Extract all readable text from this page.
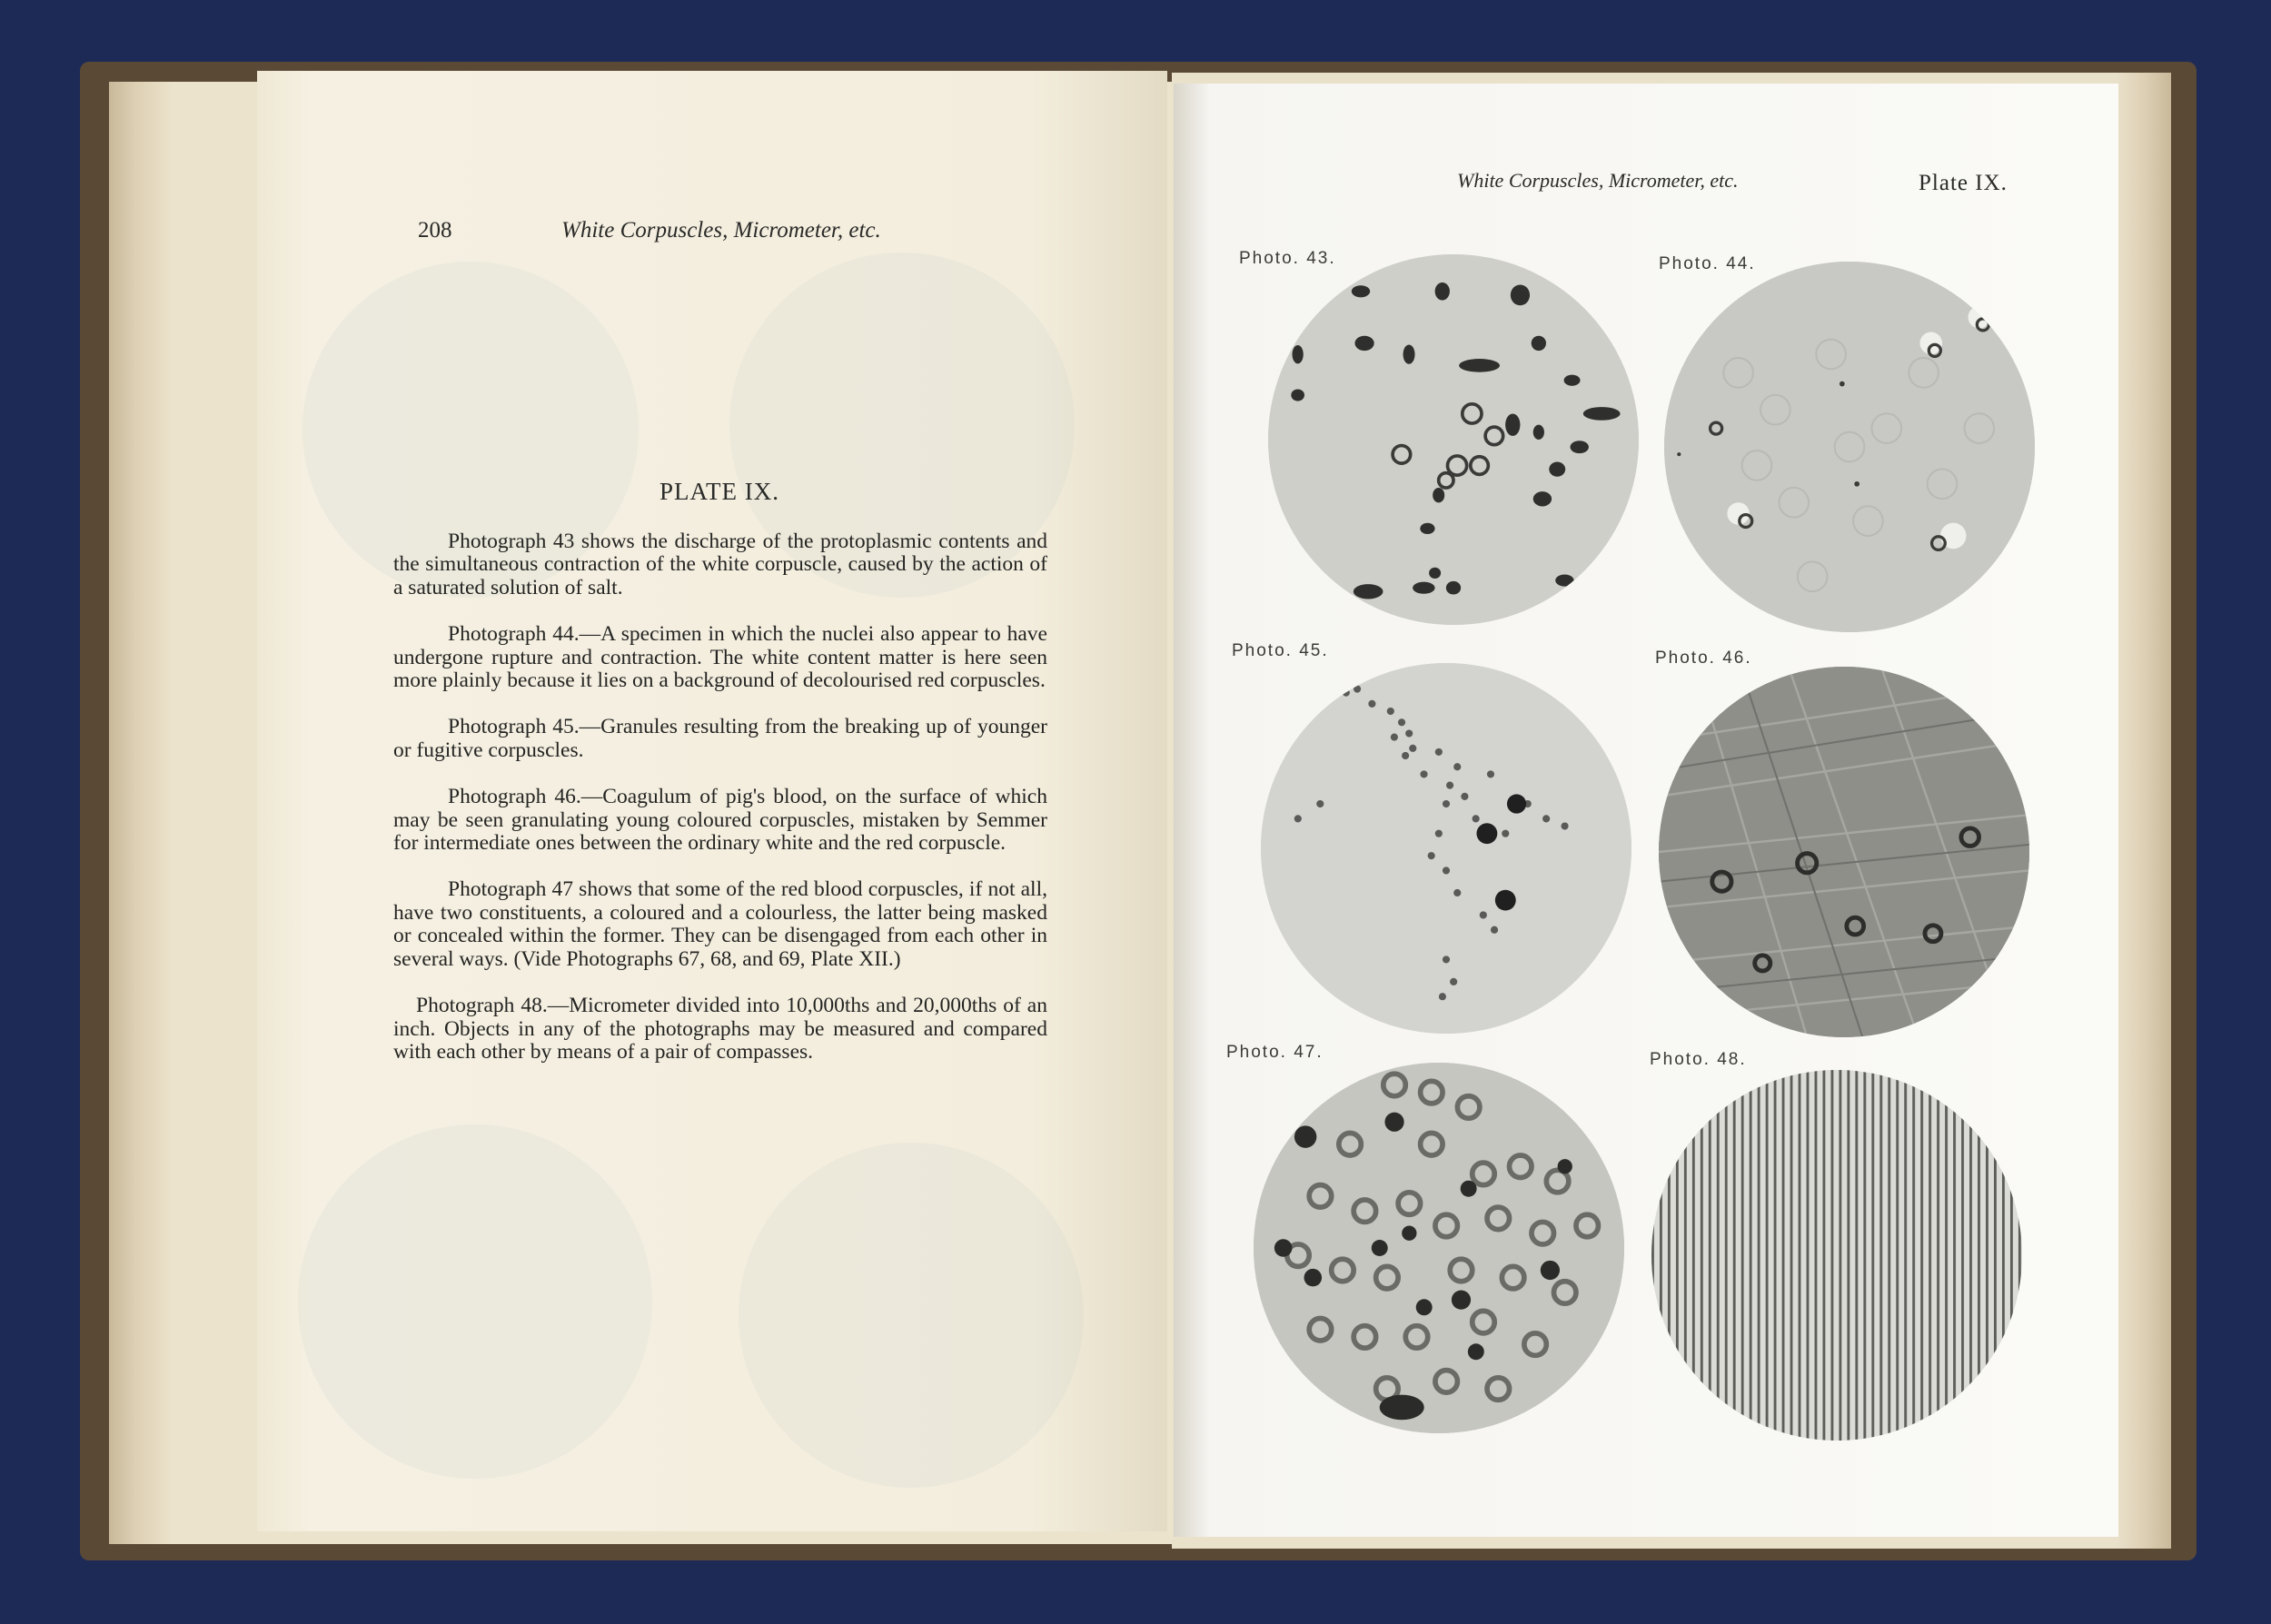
208	White Corpuscles, Micrometer, etc.
PLATE IX.

Photograph 43 shows the discharge of the protoplasmic contents and the simultaneous contraction of the white corpuscle, caused by the action of a saturated solution of salt.

Photograph 44.—A specimen in which the nuclei also appear to have undergone rupture and contraction. The white content matter is here seen more plainly because it lies on a background of decolourised red corpuscles.

Photograph 45.—Granules resulting from the breaking up of younger or fugitive corpuscles.

Photograph 46.—Coagulum of pig's blood, on the surface of which may be seen granulating young coloured corpuscles, mistaken by Semmer for intermediate ones between the ordinary white and the red corpuscle.

Photograph 47 shows that some of the red blood corpuscles, if not all, have two constituents, a coloured and a colourless, the latter being masked or concealed within the former. They can be disengaged from each other in several ways. (Vide Photographs 67, 68, and 69, Plate XII.)

Photograph 48.—Micrometer divided into 10,000ths and 20,000ths of an inch. Objects in any of the photographs may be measured and compared with each other by means of a pair of compasses.

White Corpuscles, Micrometer, etc.	Plate IX.
Photo. 43.	Photo. 44.
Photo. 45.	Photo. 46.
Photo. 47.	Photo. 48.
